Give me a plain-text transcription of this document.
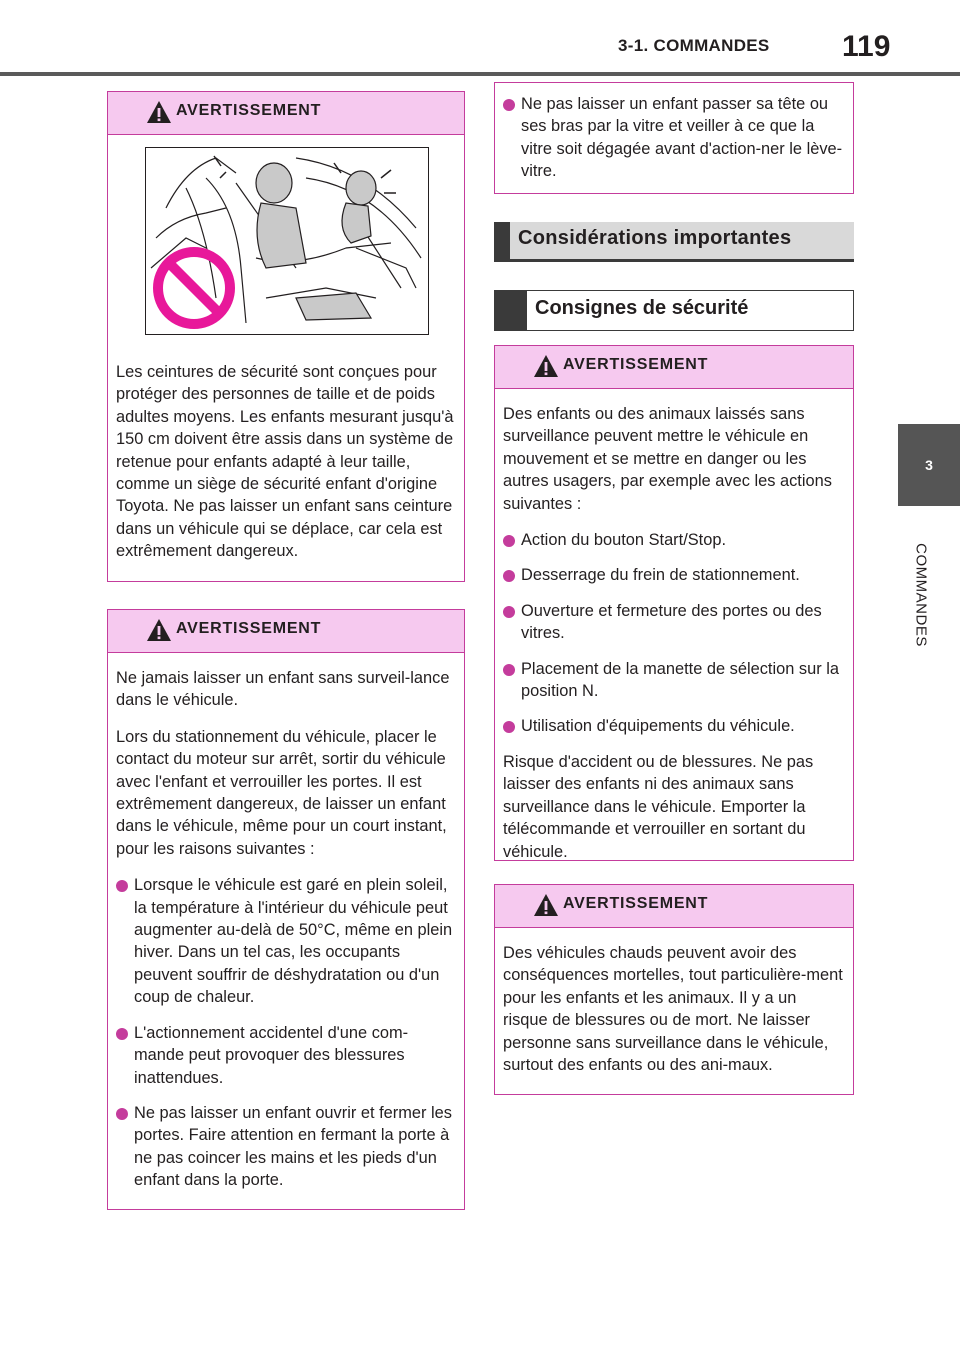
3-1. COMMANDES 119
3
COMMANDES
AVERTISSEMENT

Les ceintures de sécurité sont conçues pour protéger des personnes de taille et de poids adultes moyens. Les enfants mesurant jusqu'à 150 cm doivent être assis dans un système de retenue pour enfants adapté à leur taille, comme un siège de sécurité enfant d'origine Toyota. Ne pas laisser un enfant sans ceinture dans un véhicule qui se déplace, car cela est extrêmement dangereux.

AVERTISSEMENT

Ne jamais laisser un enfant sans surveil-lance dans le véhicule.

Lors du stationnement du véhicule, placer le contact du moteur sur arrêt, sortir du véhicule avec l'enfant et verrouiller les portes. Il est extrêmement dangereux, de laisser un enfant dans le véhicule, même pour un court instant, pour les raisons suivantes :

Lorsque le véhicule est garé en plein soleil, la température à l'intérieur du véhicule peut augmenter au-delà de 50°C, même en plein hiver. Dans un tel cas, les occupants peuvent souffrir de déshydratation ou d'un coup de chaleur.
L'actionnement accidentel d'une com-mande peut provoquer des blessures inattendues.
Ne pas laisser un enfant ouvrir et fermer les portes. Faire attention en fermant la porte à ne pas coincer les mains et les pieds d'un enfant dans la porte.
Ne pas laisser un enfant passer sa tête ou ses bras par la vitre et veiller à ce que la vitre soit dégagée avant d'action-ner le lève-vitre.
Considérations importantes
Consignes de sécurité
AVERTISSEMENT

Des enfants ou des animaux laissés sans surveillance peuvent mettre le véhicule en mouvement et se mettre en danger ou les autres usagers, par exemple avec les actions suivantes :

Action du bouton Start/Stop.
Desserrage du frein de stationnement.
Ouverture et fermeture des portes ou des vitres.
Placement de la manette de sélection sur la position N.
Utilisation d'équipements du véhicule.

Risque d'accident ou de blessures. Ne pas laisser des enfants ni des animaux sans surveillance dans le véhicule. Emporter la télécommande et verrouiller en sortant du véhicule.

AVERTISSEMENT

Des véhicules chauds peuvent avoir des conséquences mortelles, tout particulière-ment pour les enfants et les animaux. Il y a un risque de blessures ou de mort. Ne laisser personne sans surveillance dans le véhicule, surtout des enfants ou des ani-maux.
